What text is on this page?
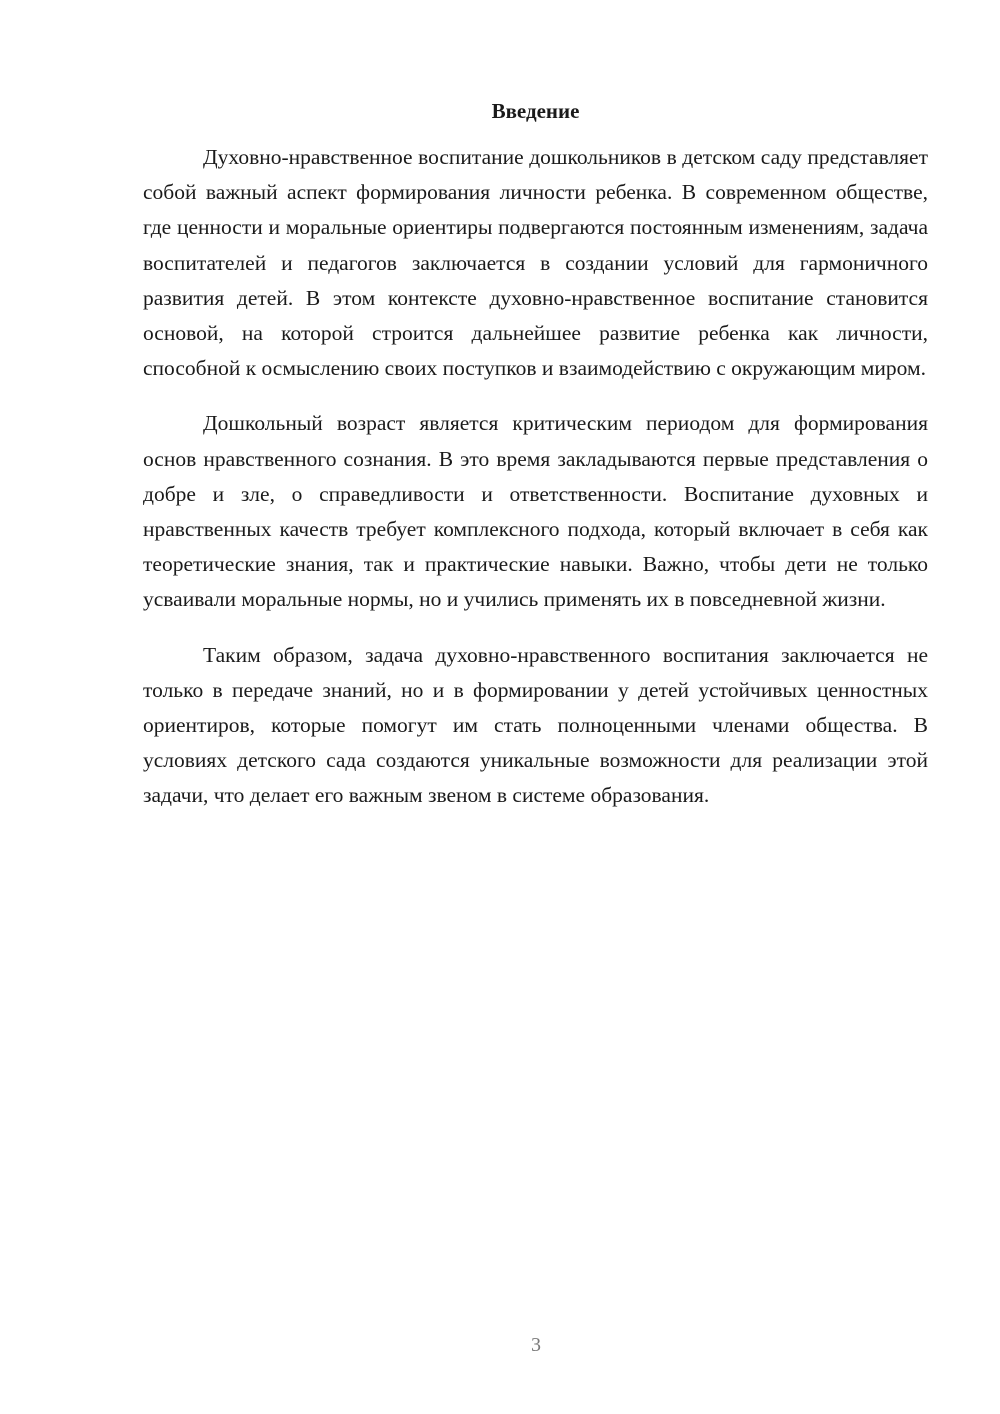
Введение

Духовно-нравственное воспитание дошкольников в детском саду представляет собой важный аспект формирования личности ребенка. В современном обществе, где ценности и моральные ориентиры подвергаются постоянным изменениям, задача воспитателей и педагогов заключается в создании условий для гармоничного развития детей. В этом контексте духовно-нравственное воспитание становится основой, на которой строится дальнейшее развитие ребенка как личности, способной к осмыслению своих поступков и взаимодействию с окружающим миром.

Дошкольный возраст является критическим периодом для формирования основ нравственного сознания. В это время закладываются первые представления о добре и зле, о справедливости и ответственности. Воспитание духовных и нравственных качеств требует комплексного подхода, который включает в себя как теоретические знания, так и практические навыки. Важно, чтобы дети не только усваивали моральные нормы, но и учились применять их в повседневной жизни.

Таким образом, задача духовно-нравственного воспитания заключается не только в передаче знаний, но и в формировании у детей устойчивых ценностных ориентиров, которые помогут им стать полноценными членами общества. В условиях детского сада создаются уникальные возможности для реализации этой задачи, что делает его важным звеном в системе образования.

3
